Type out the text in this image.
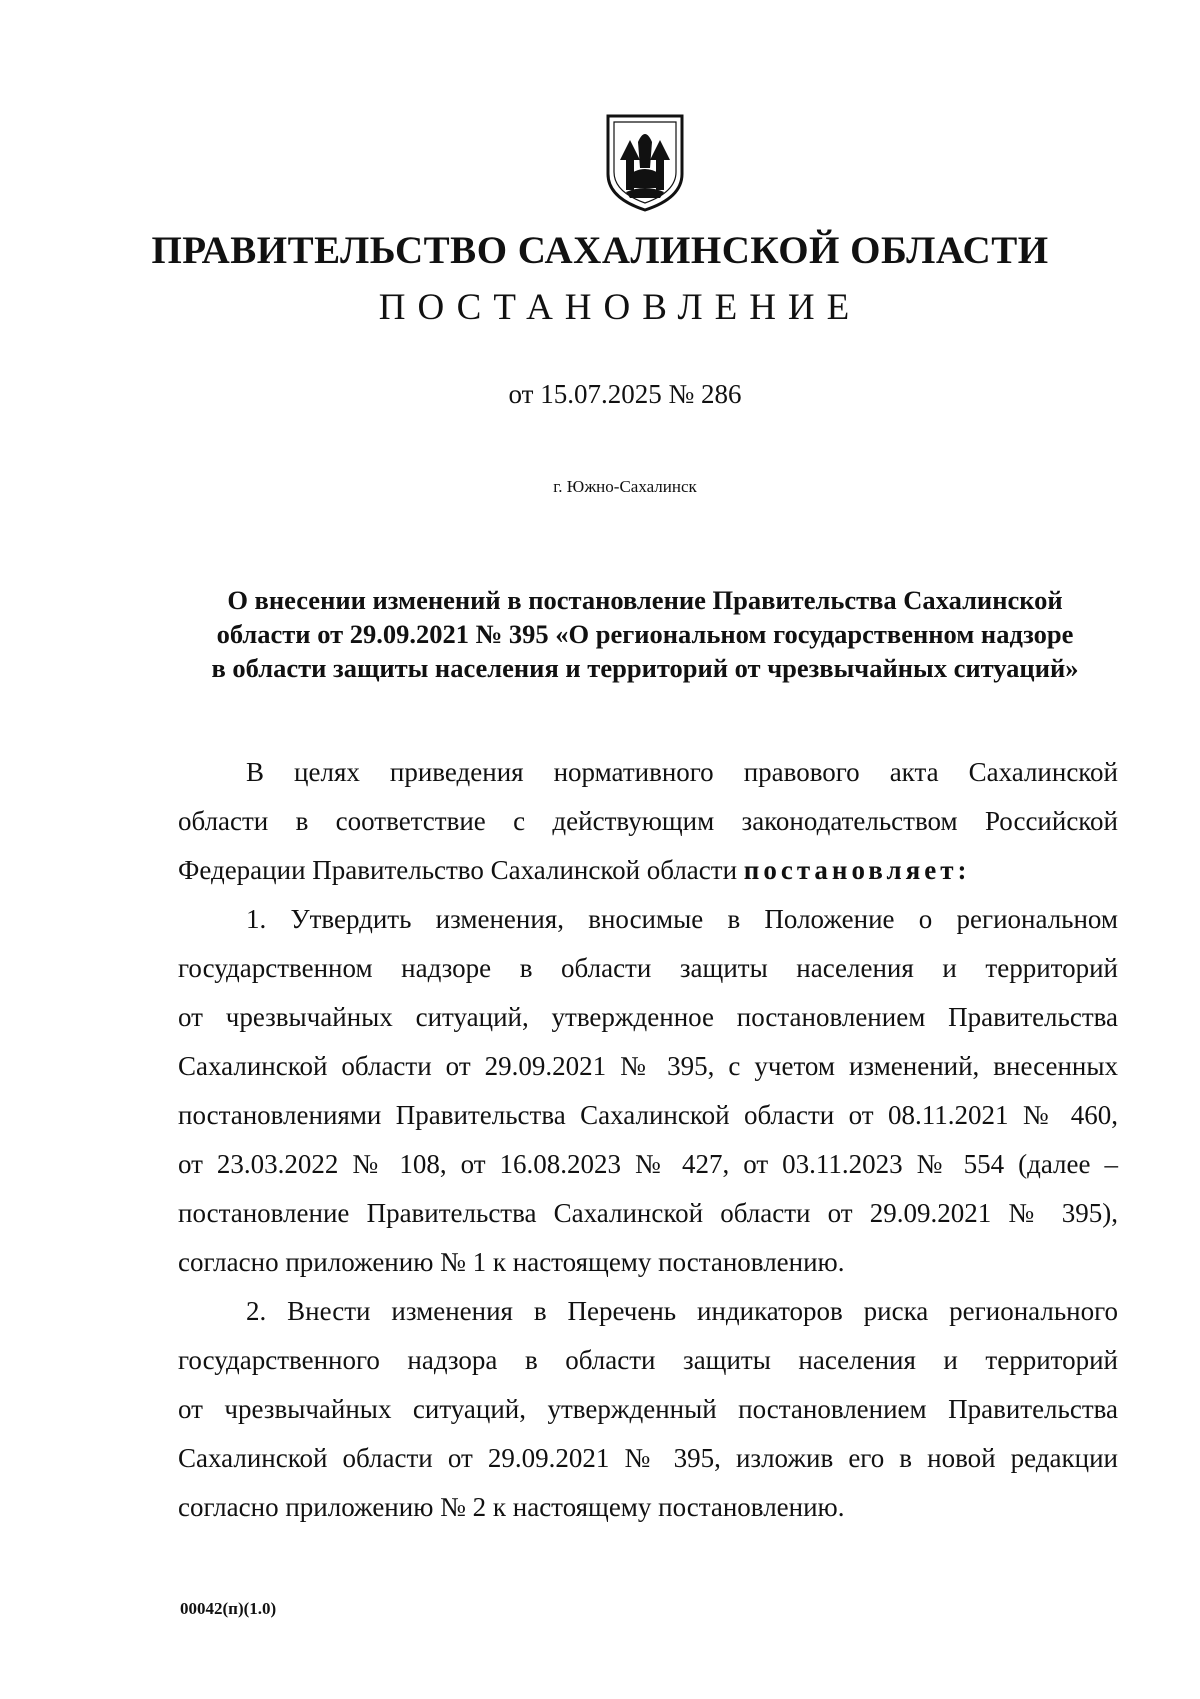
ПРАВИТЕЛЬСТВО САХАЛИНСКОЙ ОБЛАСТИ
ПОСТАНОВЛЕНИЕ
от 15.07.2025 № 286
г. Южно-Сахалинск
О внесении изменений в постановление Правительства Сахалинской
области от 29.09.2021 № 395 «О региональном государственном надзоре
в области защиты населения и территорий от чрезвычайных ситуаций»
В целях приведения нормативного правового акта Сахалинской
области в соответствие с действующим законодательством Российской
Федерации Правительство Сахалинской области постановляет:
1. Утвердить изменения, вносимые в Положение о региональном
государственном надзоре в области защиты населения и территорий
от чрезвычайных ситуаций, утвержденное постановлением Правительства
Сахалинской области от 29.09.2021 № 395, с учетом изменений, внесенных
постановлениями Правительства Сахалинской области от 08.11.2021 № 460,
от 23.03.2022 № 108, от 16.08.2023 № 427, от 03.11.2023 № 554 (далее –
постановление Правительства Сахалинской области от 29.09.2021 № 395),
согласно приложению № 1 к настоящему постановлению.
2. Внести изменения в Перечень индикаторов риска регионального
государственного надзора в области защиты населения и территорий
от чрезвычайных ситуаций, утвержденный постановлением Правительства
Сахалинской области от 29.09.2021 № 395, изложив его в новой редакции
согласно приложению № 2 к настоящему постановлению.
00042(п)(1.0)
